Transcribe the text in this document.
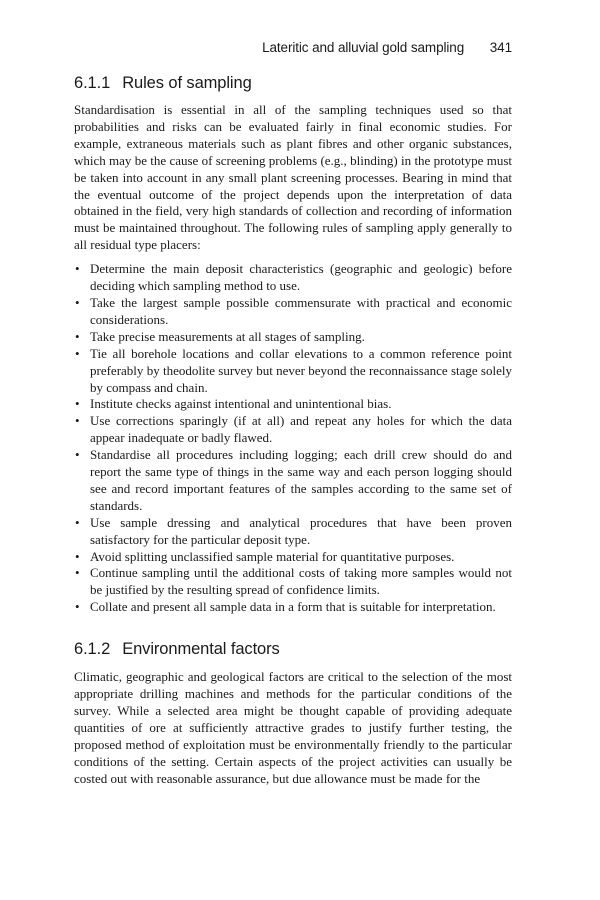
Lateritic and alluvial gold sampling 341
6.1.1 Rules of sampling

Standardisation is essential in all of the sampling techniques used so that probabilities and risks can be evaluated fairly in final economic studies. For example, extraneous materials such as plant fibres and other organic substances, which may be the cause of screening problems (e.g., blinding) in the prototype must be taken into account in any small plant screening processes. Bearing in mind that the eventual outcome of the project depends upon the interpretation of data obtained in the field, very high standards of collection and recording of information must be maintained throughout. The following rules of sampling apply generally to all residual type placers:

• Determine the main deposit characteristics (geographic and geologic) before deciding which sampling method to use.
• Take the largest sample possible commensurate with practical and economic considerations.
• Take precise measurements at all stages of sampling.
• Tie all borehole locations and collar elevations to a common reference point preferably by theodolite survey but never beyond the reconnaissance stage solely by compass and chain.
• Institute checks against intentional and unintentional bias.
• Use corrections sparingly (if at all) and repeat any holes for which the data appear inadequate or badly flawed.
• Standardise all procedures including logging; each drill crew should do and report the same type of things in the same way and each person logging should see and record important features of the samples according to the same set of standards.
• Use sample dressing and analytical procedures that have been proven satisfactory for the particular deposit type.
• Avoid splitting unclassified sample material for quantitative purposes.
• Continue sampling until the additional costs of taking more samples would not be justified by the resulting spread of confidence limits.
• Collate and present all sample data in a form that is suitable for interpretation.
6.1.2 Environmental factors

Climatic, geographic and geological factors are critical to the selection of the most appropriate drilling machines and methods for the particular conditions of the survey. While a selected area might be thought capable of providing adequate quantities of ore at sufficiently attractive grades to justify further testing, the proposed method of exploitation must be environmentally friendly to the particular conditions of the setting. Certain aspects of the project activities can usually be costed out with reasonable assurance, but due allowance must be made for the
